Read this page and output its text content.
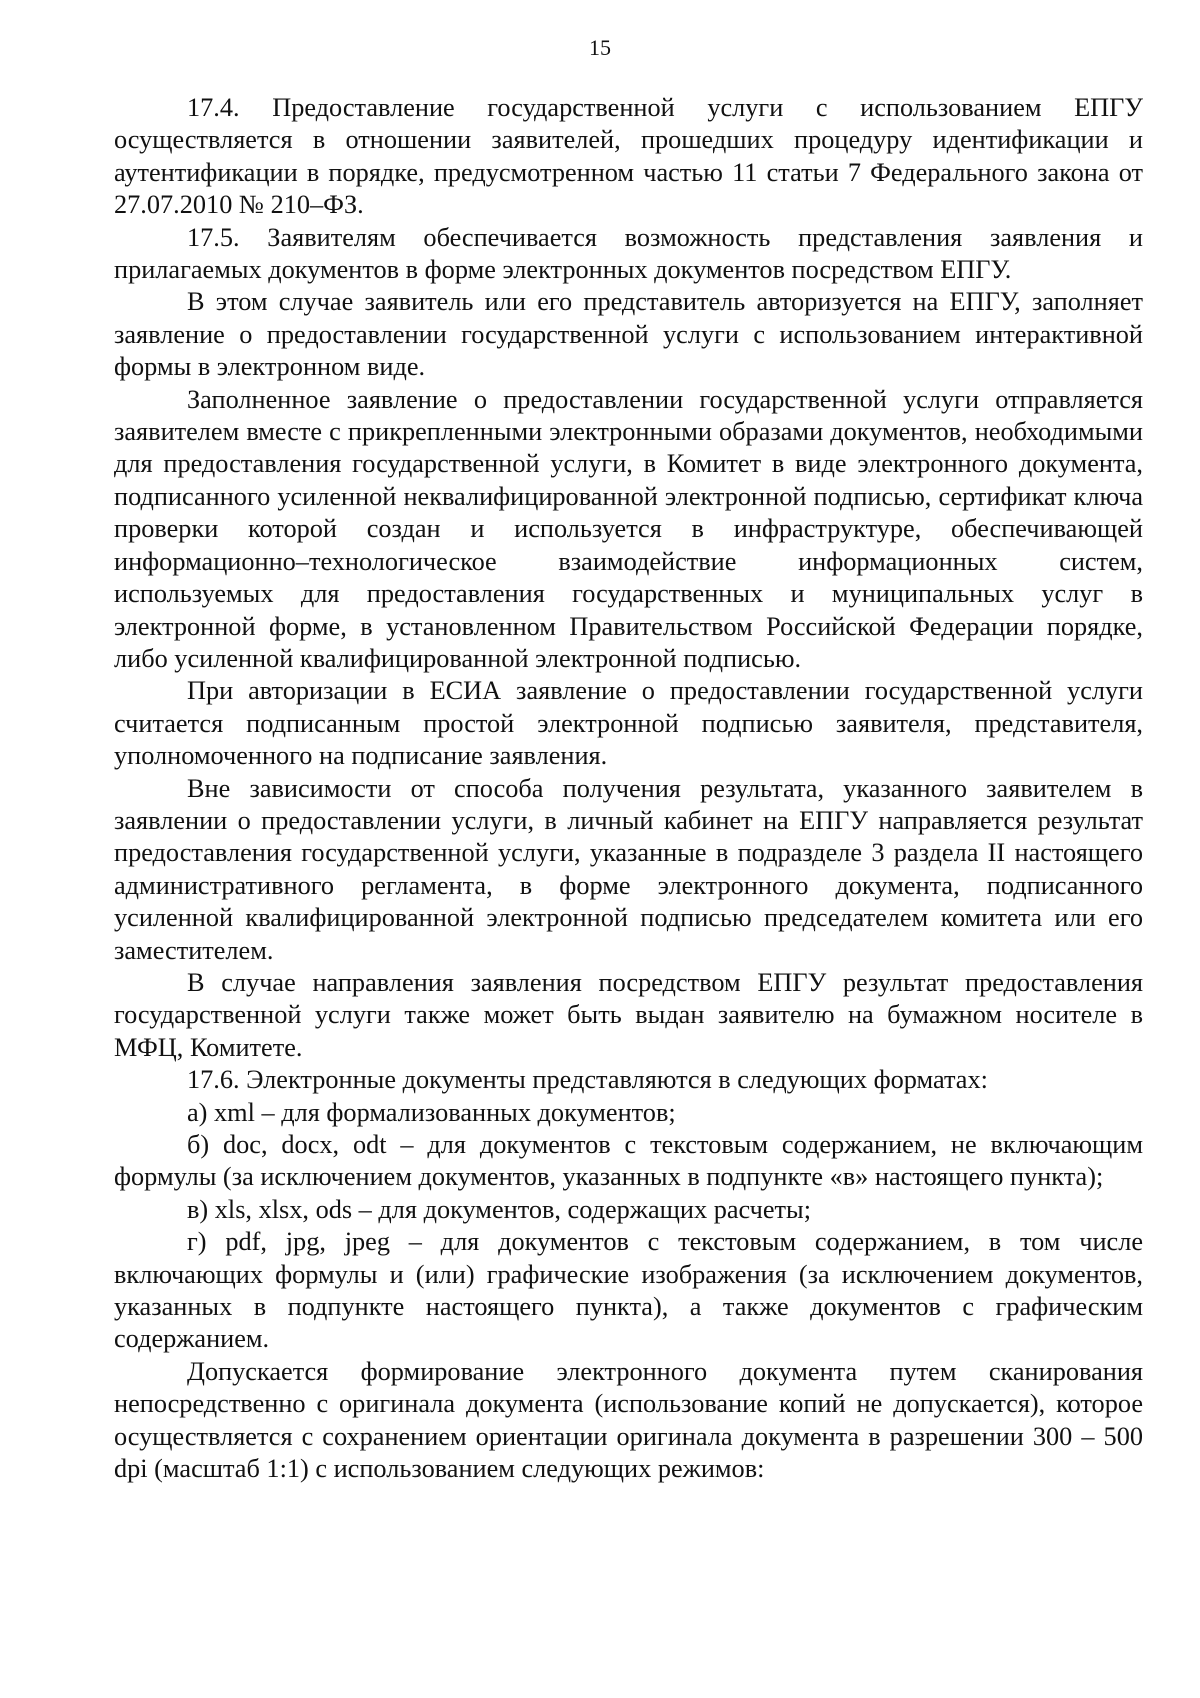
15

17.4. Предоставление государственной услуги с использованием ЕПГУ осуществляется в отношении заявителей, прошедших процедуру идентификации и аутентификации в порядке, предусмотренном частью 11 статьи 7 Федерального закона от 27.07.2010 № 210–ФЗ.

17.5. Заявителям обеспечивается возможность представления заявления и прилагаемых документов в форме электронных документов посредством ЕПГУ.

В этом случае заявитель или его представитель авторизуется на ЕПГУ, заполняет заявление о предоставлении государственной услуги с использованием интерактивной формы в электронном виде.

Заполненное заявление о предоставлении государственной услуги отправляется заявителем вместе с прикрепленными электронными образами документов, необходимыми для предоставления государственной услуги, в Комитет в виде электронного документа, подписанного усиленной неквалифицированной электронной подписью, сертификат ключа проверки которой создан и используется в инфраструктуре, обеспечивающей информационно–технологическое взаимодействие информационных систем, используемых для предоставления государственных и муниципальных услуг в электронной форме, в установленном Правительством Российской Федерации порядке, либо усиленной квалифицированной электронной подписью.

При авторизации в ЕСИА заявление о предоставлении государственной услуги считается подписанным простой электронной подписью заявителя, представителя, уполномоченного на подписание заявления.

Вне зависимости от способа получения результата, указанного заявителем в заявлении о предоставлении услуги, в личный кабинет на ЕПГУ направляется результат предоставления государственной услуги, указанные в подразделе 3 раздела II настоящего административного регламента, в форме электронного документа, подписанного усиленной квалифицированной электронной подписью председателем комитета или его заместителем.

В случае направления заявления посредством ЕПГУ результат предоставления государственной услуги также может быть выдан заявителю на бумажном носителе в МФЦ, Комитете.

17.6. Электронные документы представляются в следующих форматах:

а) xml – для формализованных документов;

б) doc, docx, odt – для документов с текстовым содержанием, не включающим формулы (за исключением документов, указанных в подпункте «в» настоящего пункта);

в) xls, xlsx, ods – для документов, содержащих расчеты;

г) pdf, jpg, jpeg – для документов с текстовым содержанием, в том числе включающих формулы и (или) графические изображения (за исключением документов, указанных в подпункте настоящего пункта), а также документов с графическим содержанием.

Допускается формирование электронного документа путем сканирования непосредственно с оригинала документа (использование копий не допускается), которое осуществляется с сохранением ориентации оригинала документа в разрешении 300 – 500 dpi (масштаб 1:1) с использованием следующих режимов:
